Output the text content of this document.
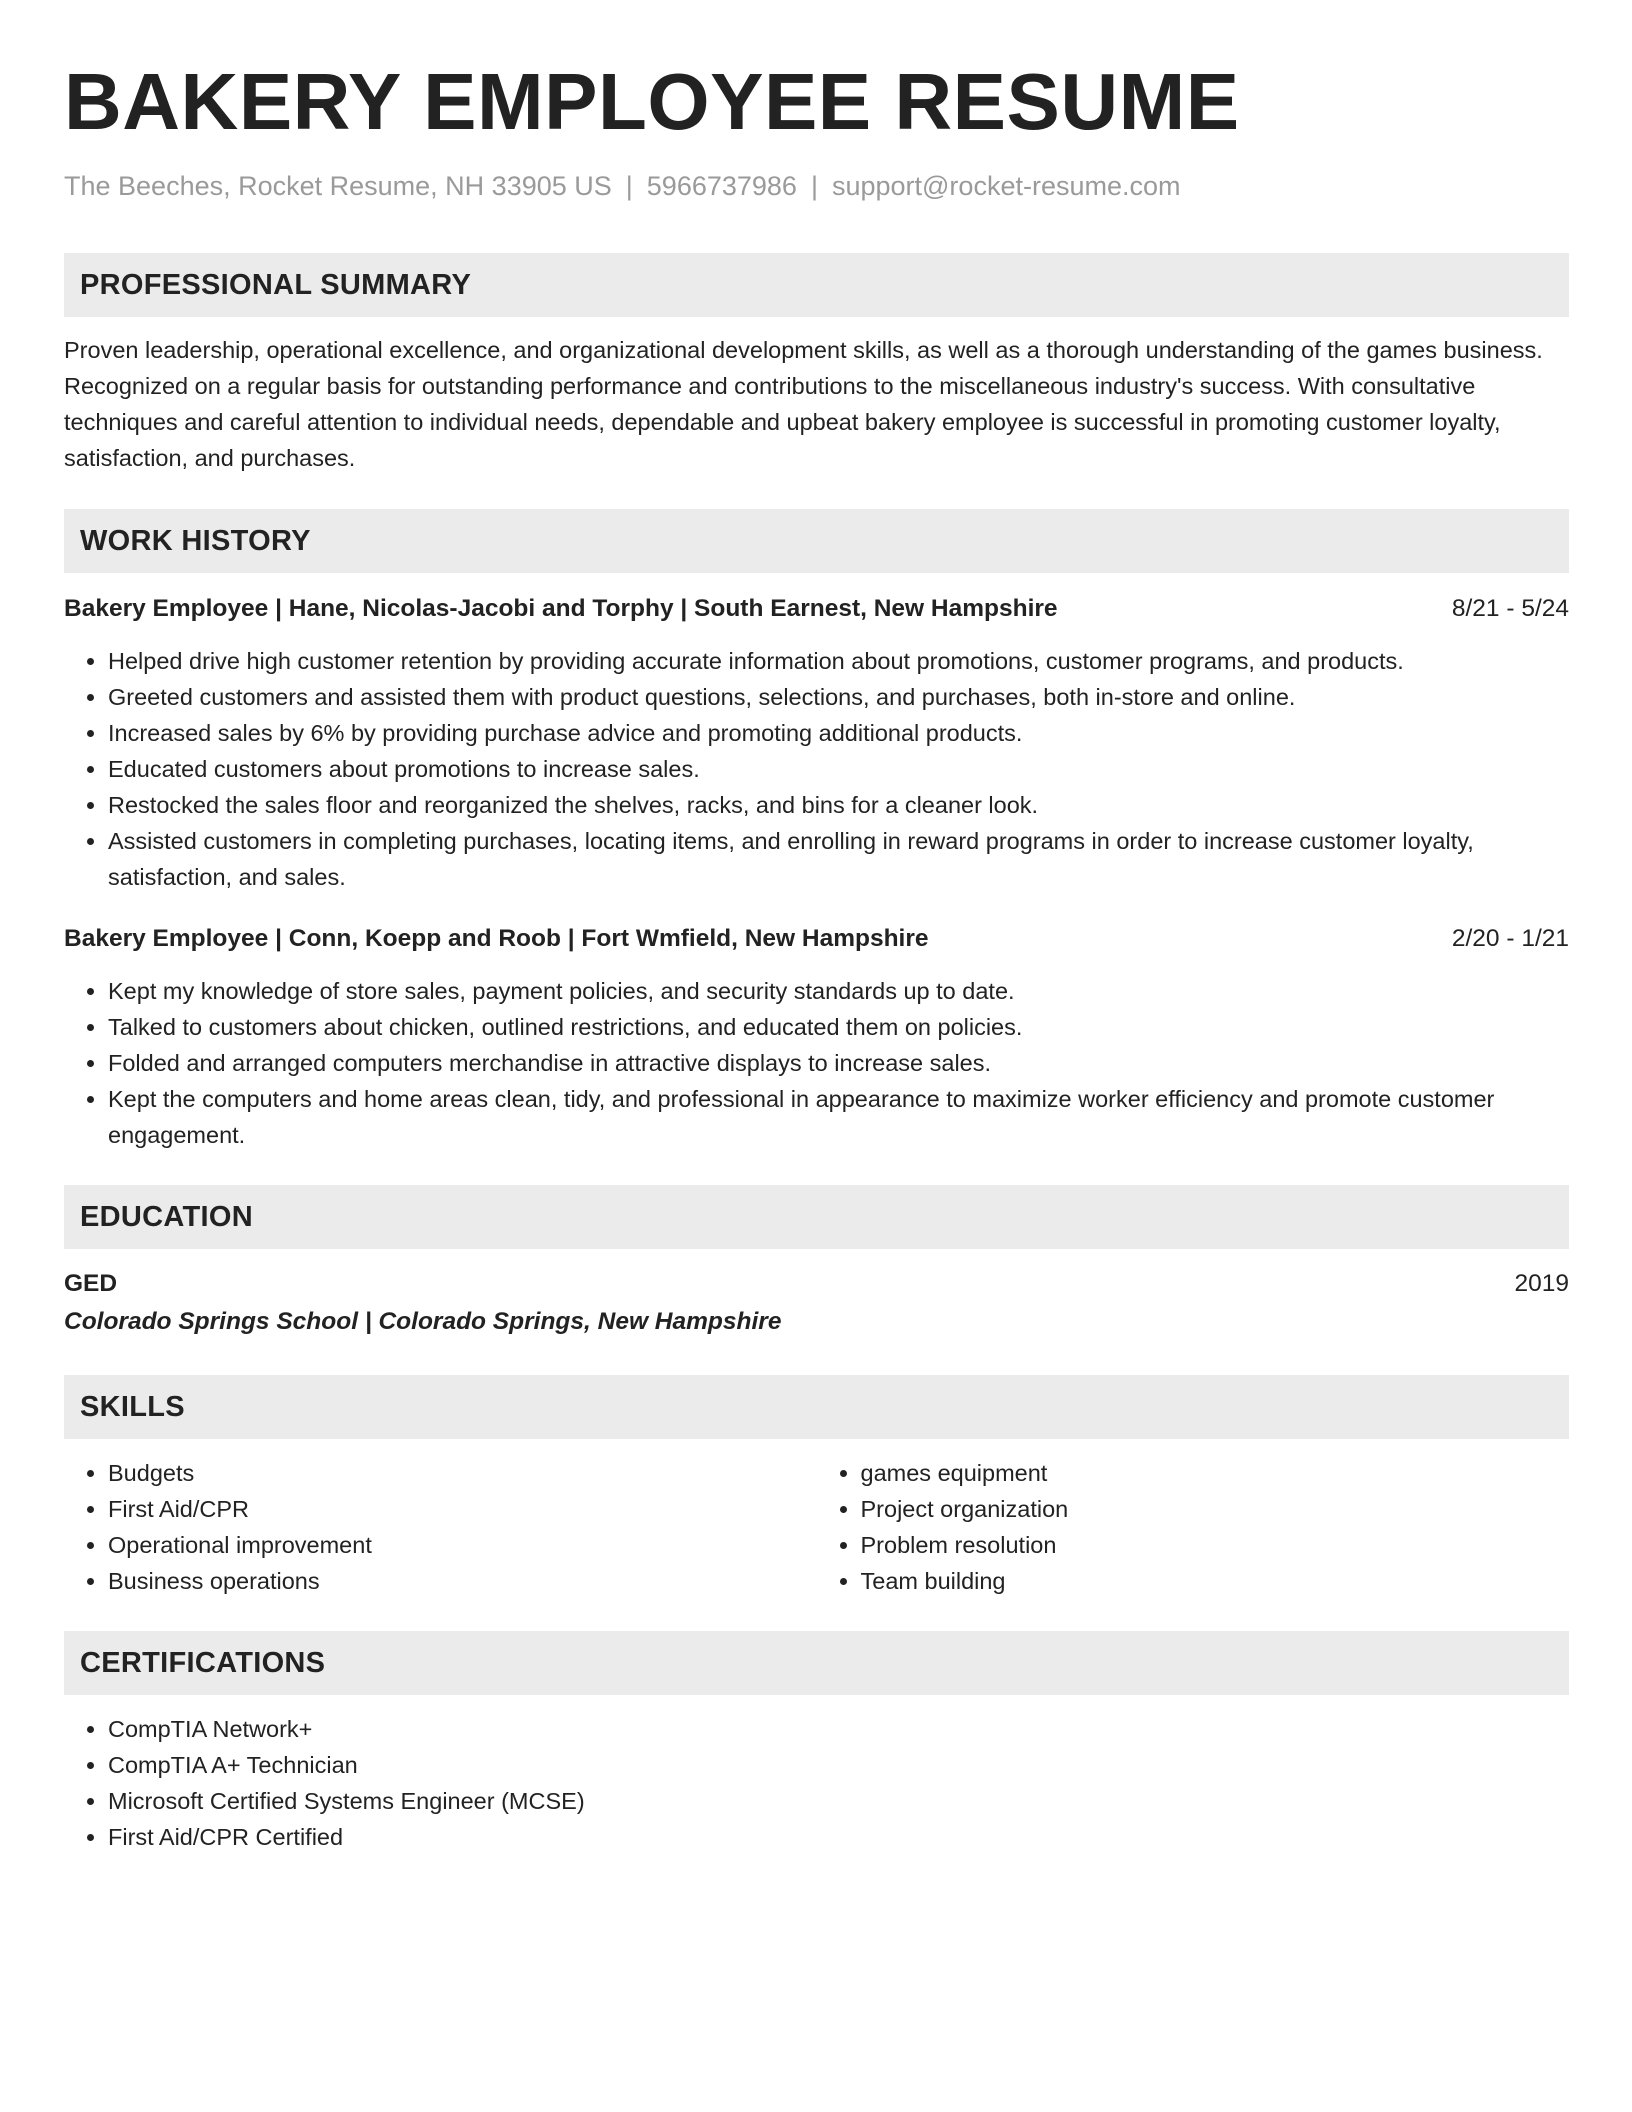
BAKERY EMPLOYEE RESUME
The Beeches, Rocket Resume, NH 33905 US | 5966737986 | support@rocket-resume.com
PROFESSIONAL SUMMARY

Proven leadership, operational excellence, and organizational development skills, as well as a thorough understanding of the games business. Recognized on a regular basis for outstanding performance and contributions to the miscellaneous industry's success. With consultative techniques and careful attention to individual needs, dependable and upbeat bakery employee is successful in promoting customer loyalty, satisfaction, and purchases.

WORK HISTORY
Bakery Employee | Hane, Nicolas-Jacobi and Torphy | South Earnest, New Hampshire	8/21 - 5/24
• Helped drive high customer retention by providing accurate information about promotions, customer programs, and products.
• Greeted customers and assisted them with product questions, selections, and purchases, both in-store and online.
• Increased sales by 6% by providing purchase advice and promoting additional products.
• Educated customers about promotions to increase sales.
• Restocked the sales floor and reorganized the shelves, racks, and bins for a cleaner look.
• Assisted customers in completing purchases, locating items, and enrolling in reward programs in order to increase customer loyalty, satisfaction, and sales.
Bakery Employee | Conn, Koepp and Roob | Fort Wmfield, New Hampshire	2/20 - 1/21
• Kept my knowledge of store sales, payment policies, and security standards up to date.
• Talked to customers about chicken, outlined restrictions, and educated them on policies.
• Folded and arranged computers merchandise in attractive displays to increase sales.
• Kept the computers and home areas clean, tidy, and professional in appearance to maximize worker efficiency and promote customer engagement.
EDUCATION
GED	2019
Colorado Springs School | Colorado Springs, New Hampshire
SKILLS
• Budgets
• First Aid/CPR
• Operational improvement
• Business operations
• games equipment
• Project organization
• Problem resolution
• Team building
CERTIFICATIONS
• CompTIA Network+
• CompTIA A+ Technician
• Microsoft Certified Systems Engineer (MCSE)
• First Aid/CPR Certified
